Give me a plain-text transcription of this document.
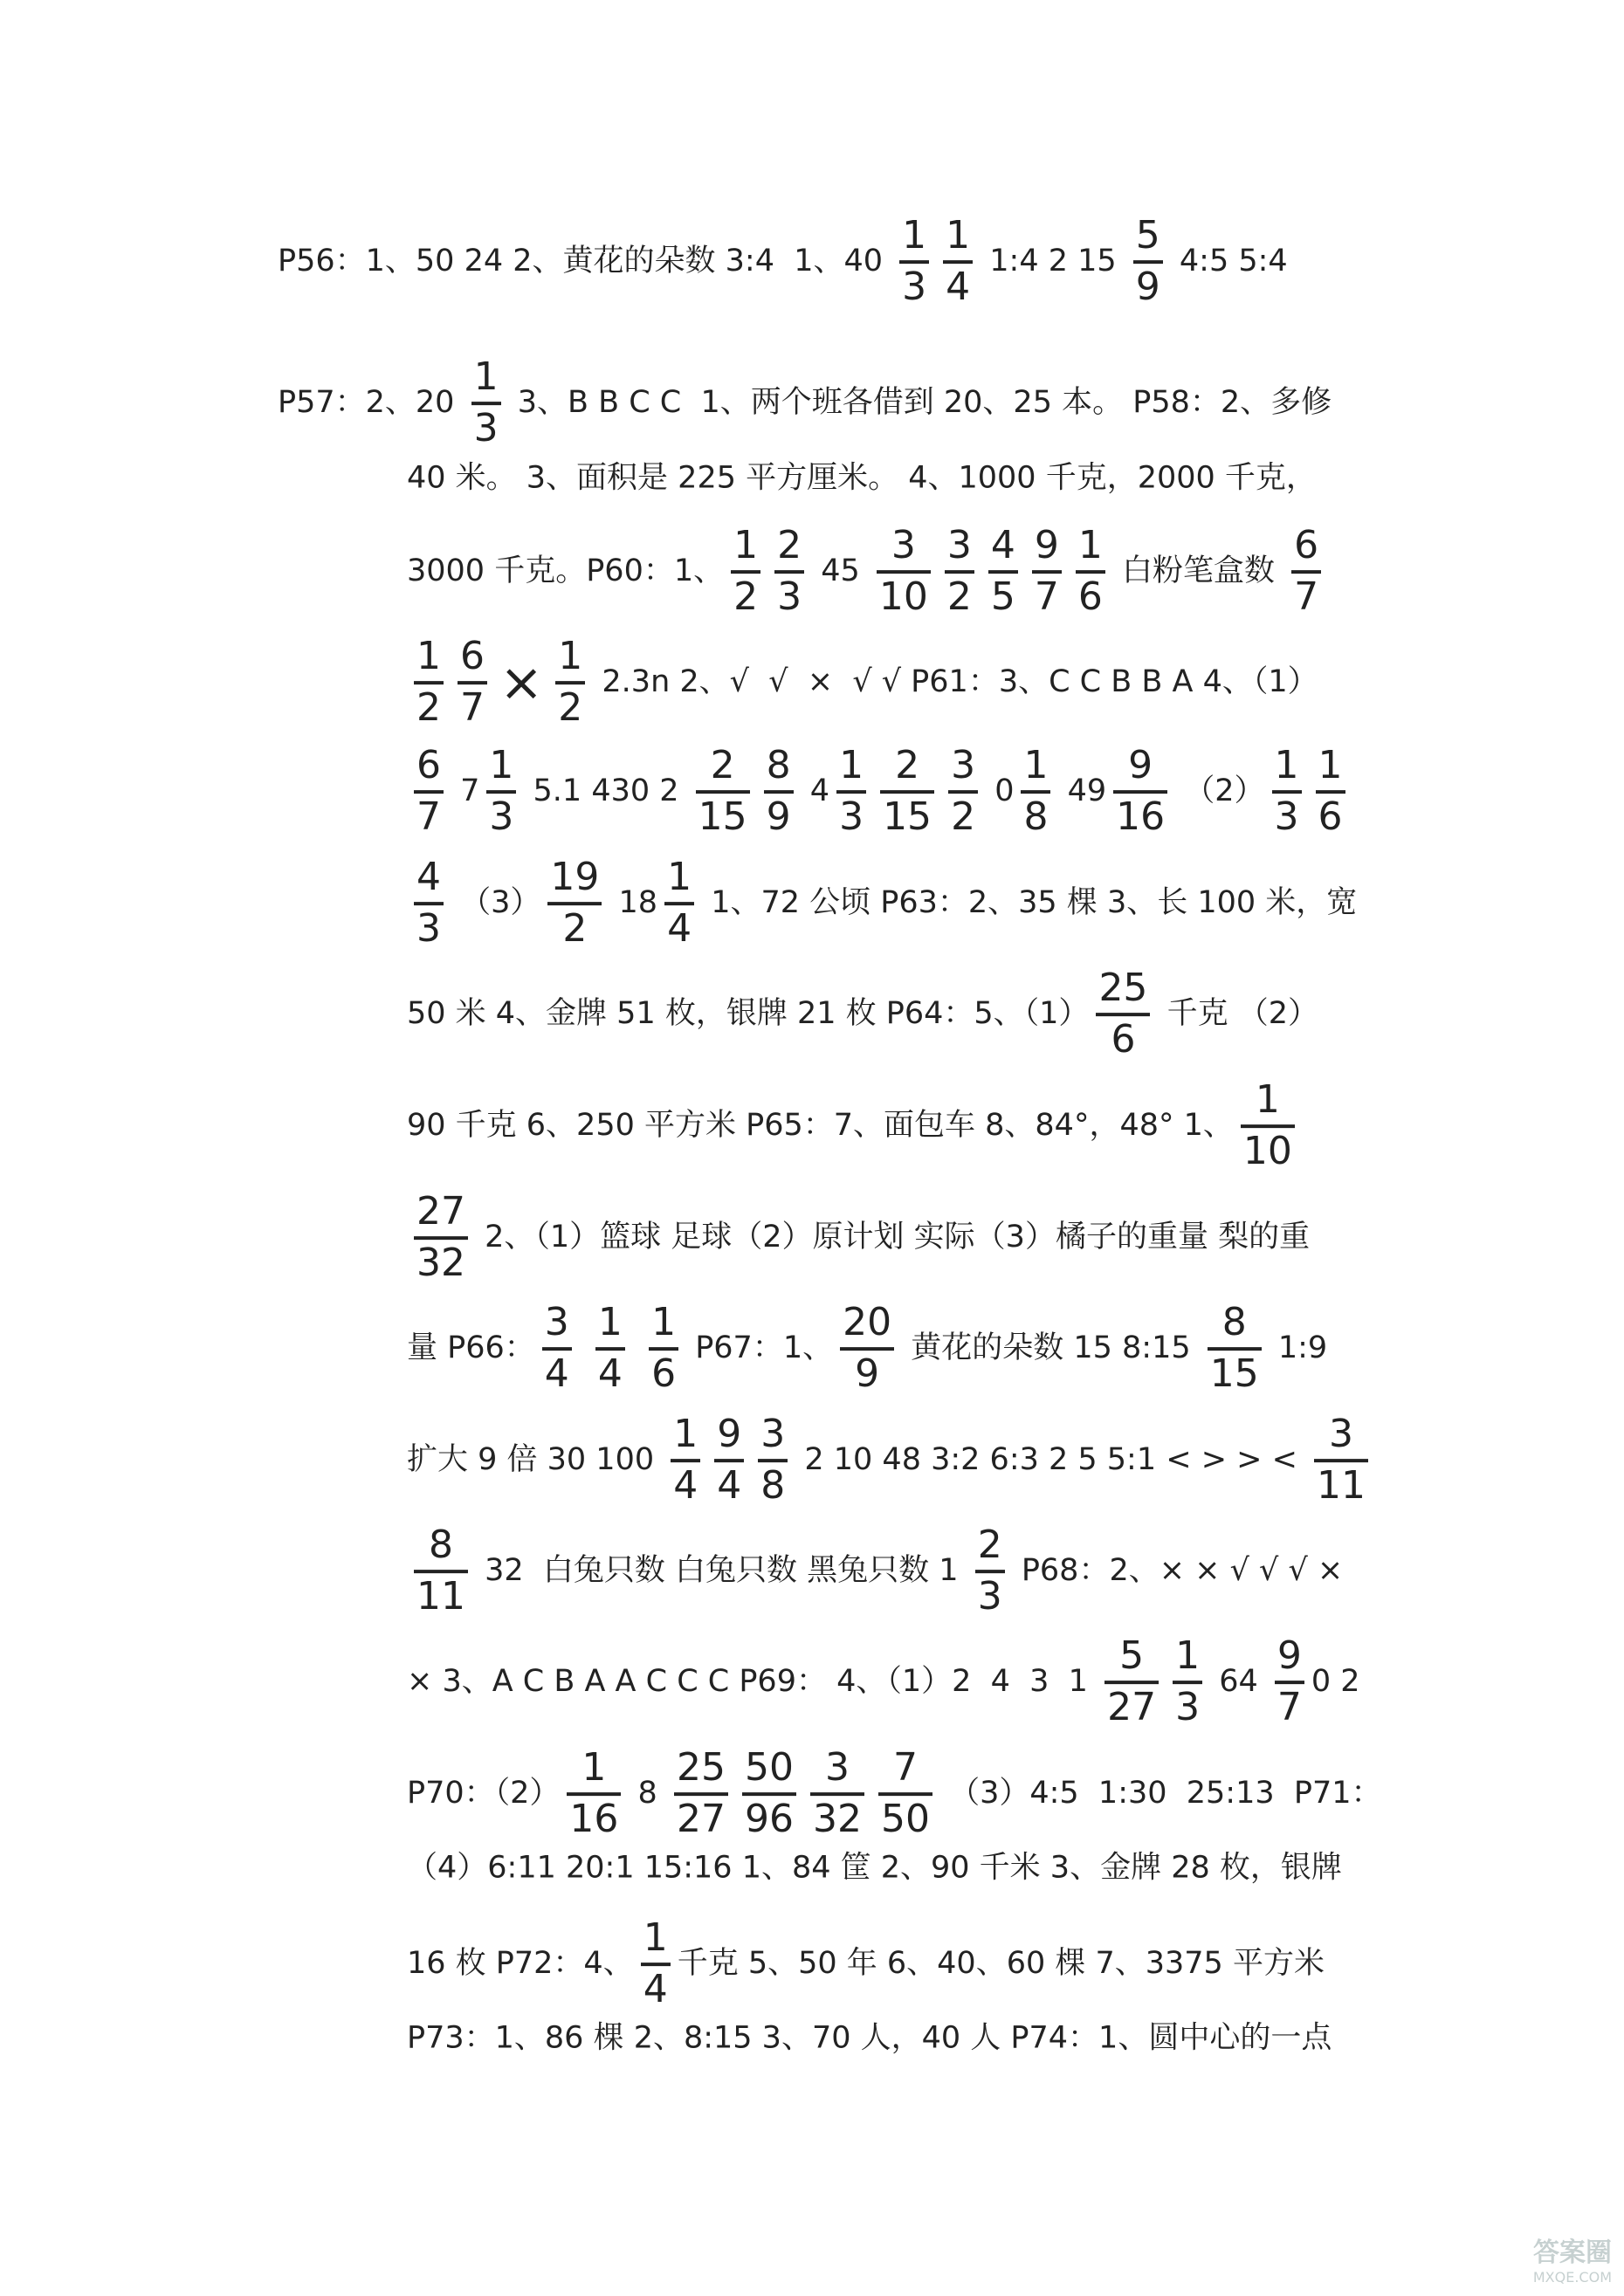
P56：1、50 24 2、黄花的朵数 3:4  1、$40 \frac{1}{3} \frac{1}{4}$ 1:4 2 $15 \frac{5}{9}$ 4:5 5:4
P57：2、$20 \frac{1}{3} 3$、B B C C  1、两个班各借到 20、25 本。 P58：2、多修
40 米。 3、面积是 225 平方厘米。 4、1000 千克，2000 千克，
3000 千克。P60：1、 $\frac{1}{2} \frac{2}{3} 45 \frac{3}{10} \frac{3}{2} \frac{4}{5} \frac{9}{7} \frac{1}{6}$ 白粉笔盒数 $\frac{6}{7}$
$\frac{1}{2} \frac{6}{7} \times \frac{1}{2} 2.3n$ 2、√  √  ×  √ √ P61：3、C C B B A 4、（1）
$\frac{6}{7} 7 \frac{1}{3} 5.1$ 430 $2 \frac{2}{15} \frac{8}{9} 4 \frac{1}{3} \frac{2}{15} \frac{3}{2} 0 \frac{1}{8} 49 \frac{9}{16} (2) \frac{1}{3} \frac{1}{6}$
$\frac{4}{3} (3) \frac{19}{2} 18 \frac{1}{4} 1$、72 公顷 P63：2、35 棵 3、长 100 米，宽
50 米 4、金牌 51 枚，银牌 21 枚 P64：5、$(1) \frac{25}{6}$ 千克 （2）
90 千克 6、250 平方米 P65：7、面包车 8、84°，48° 1、 $\frac{1}{10}$
$\frac{27}{32} 2$、（1）篮球 足球（2）原计划 实际（3）橘子的重量 梨的重
量 P66： $\frac{3}{4}$
$\frac{1}{4}$
$\frac{1}{6} P67$：1、 $\frac{20}{9}$ 黄花的朵数 15 8:15 $\frac{8}{15}$ 1:9
扩大 9 倍 30 $100 \frac{1}{4} \frac{9}{4} \frac{3}{8} 2$ 10 48 3:2 6:3 2 5 5:1 < > > < $\frac{3}{11}$
$\frac{8}{11} 32$  白兔只数 白兔只数 黑兔只数 $1 \frac{2}{3} P68$：2、× × √ √ √ ×
× 3、A C B A A C C C P69： 4、（1）2  4  3  $1 \frac{5}{27} \frac{1}{3} 64 \frac{9}{7} 0$ 2
P70：$(2) \frac{1}{16} 8 \frac{25}{27} \frac{50}{96} \frac{3}{32} \frac{7}{50}$ （3）4:5  1:30  25:13  P71：
（4）6:11 20:1 15:16 1、84 筐 2、90 千米 3、金牌 28 枚，银牌
16 枚 P72：4、 $\frac{1}{4}$ 千克 5、50 年 6、40、60 棵 7、3375 平方米
P73：1、86 棵 2、8:15 3、70 人，40 人 P74：1、圆中心的一点
答案圈
MXQE.COM
